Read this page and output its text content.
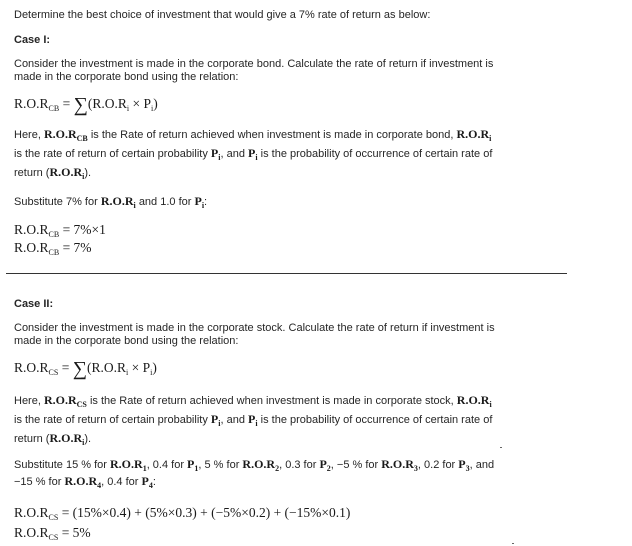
Determine the best choice of investment that would give a 7% rate of return as below:
Case I:
Consider the investment is made in the corporate bond. Calculate the rate of return if investment is
made in the corporate bond using the relation:
$R.O.R_{CB} = \sum(R.O.R_i \times P_i)$
Here, $R.O.R_{CB}$ is the Rate of return achieved when investment is made in corporate bond, $R.O.R_i$
is the rate of return of certain probability $P_i$, and $P_i$ is the probability of occurrence of certain rate of
return $(R.O.R_i)$.
Substitute 7% for $R.O.R_i$ and 1.0 for $P_i$:
$R.O.R_{CB} = 7\%\times 1$
$R.O.R_{CB} = 7\%$
Case II:
Consider the investment is made in the corporate stock. Calculate the rate of return if investment is
made in the corporate bond using the relation:
$R.O.R_{CS} = \sum(R.O.R_i \times P_i)$
Here, $R.O.R_{CS}$ is the Rate of return achieved when investment is made in corporate stock, $R.O.R_i$
is the rate of return of certain probability $P_i$, and $P_i$ is the probability of occurrence of certain rate of
return $(R.O.R_i)$.
Substitute 15 % for $R.O.R_1$, 0.4 for $P_1$, 5 % for $R.O.R_2$, 0.3 for $P_2$, −5 % for $R.O.R_3$, 0.2 for $P_3$, and
−15 % for $R.O.R_4$, 0.4 for $P_4$:
$R.O.R_{CS} = (15\%\times 0.4) + (5\%\times 0.3) + (-5\%\times 0.2) + (-15\%\times 0.1)$
$R.O.R_{CS} = 5\%$
